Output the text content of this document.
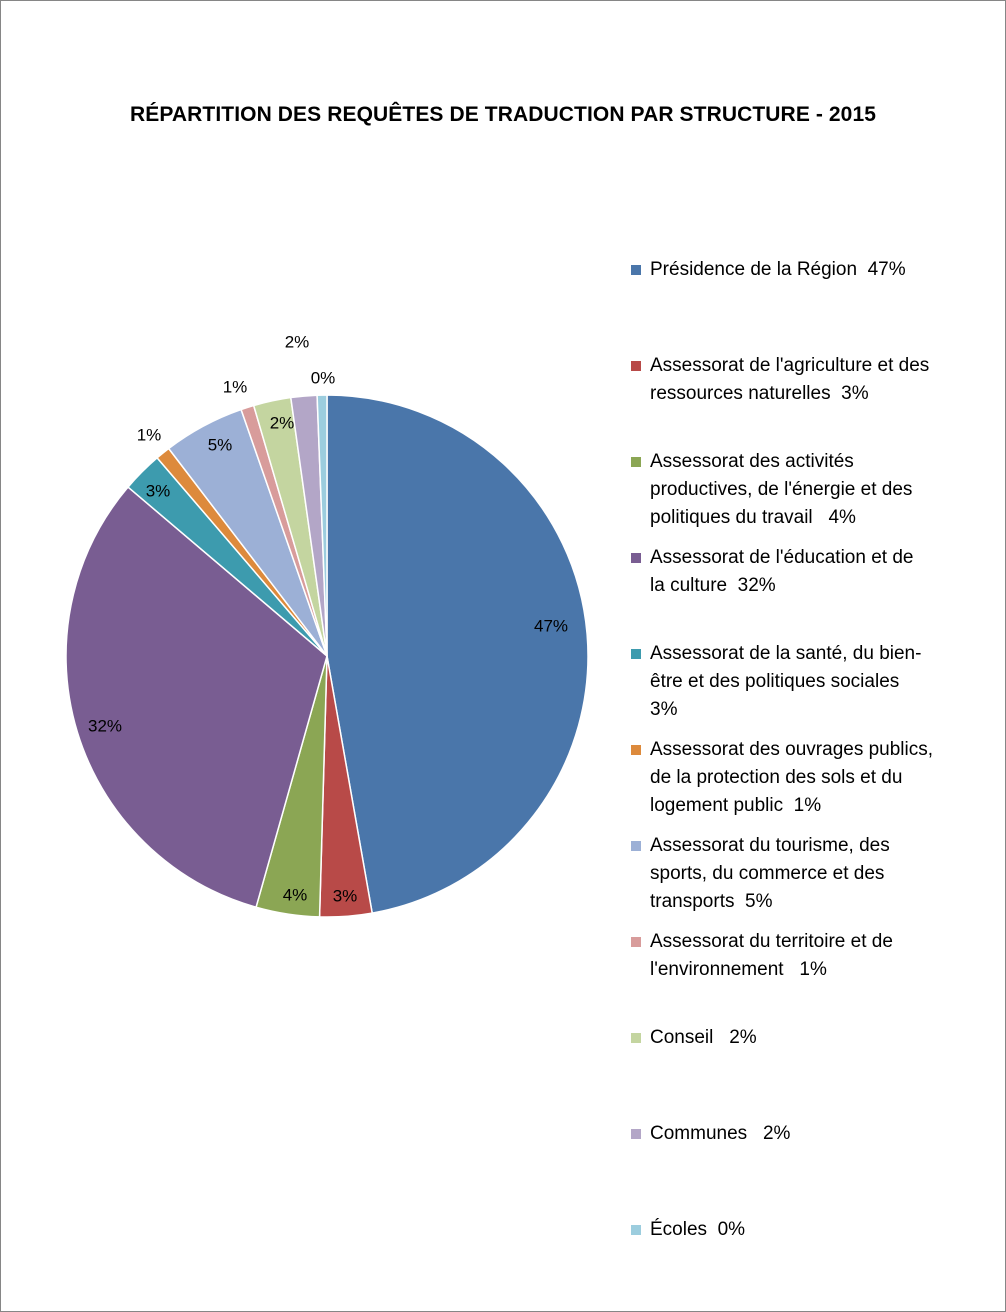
RÉPARTITION DES REQUÊTES DE TRADUCTION PAR STRUCTURE - 2015
47%
3%
4%
32%
3%
1%
5%
1%
2%
2%
0%
Présidence de la Région  47%
Assessorat de l'agriculture et des
ressources naturelles  3%
Assessorat des activités
productives, de l'énergie et des
politiques du travail   4%
Assessorat de l'éducation et de
la culture  32%
Assessorat de la santé, du bien-
être et des politiques sociales
3%
Assessorat des ouvrages publics,
de la protection des sols et du
logement public  1%
Assessorat du tourisme, des
sports, du commerce et des
transports  5%
Assessorat du territoire et de
l'environnement   1%
Conseil   2%
Communes   2%
Écoles  0%
